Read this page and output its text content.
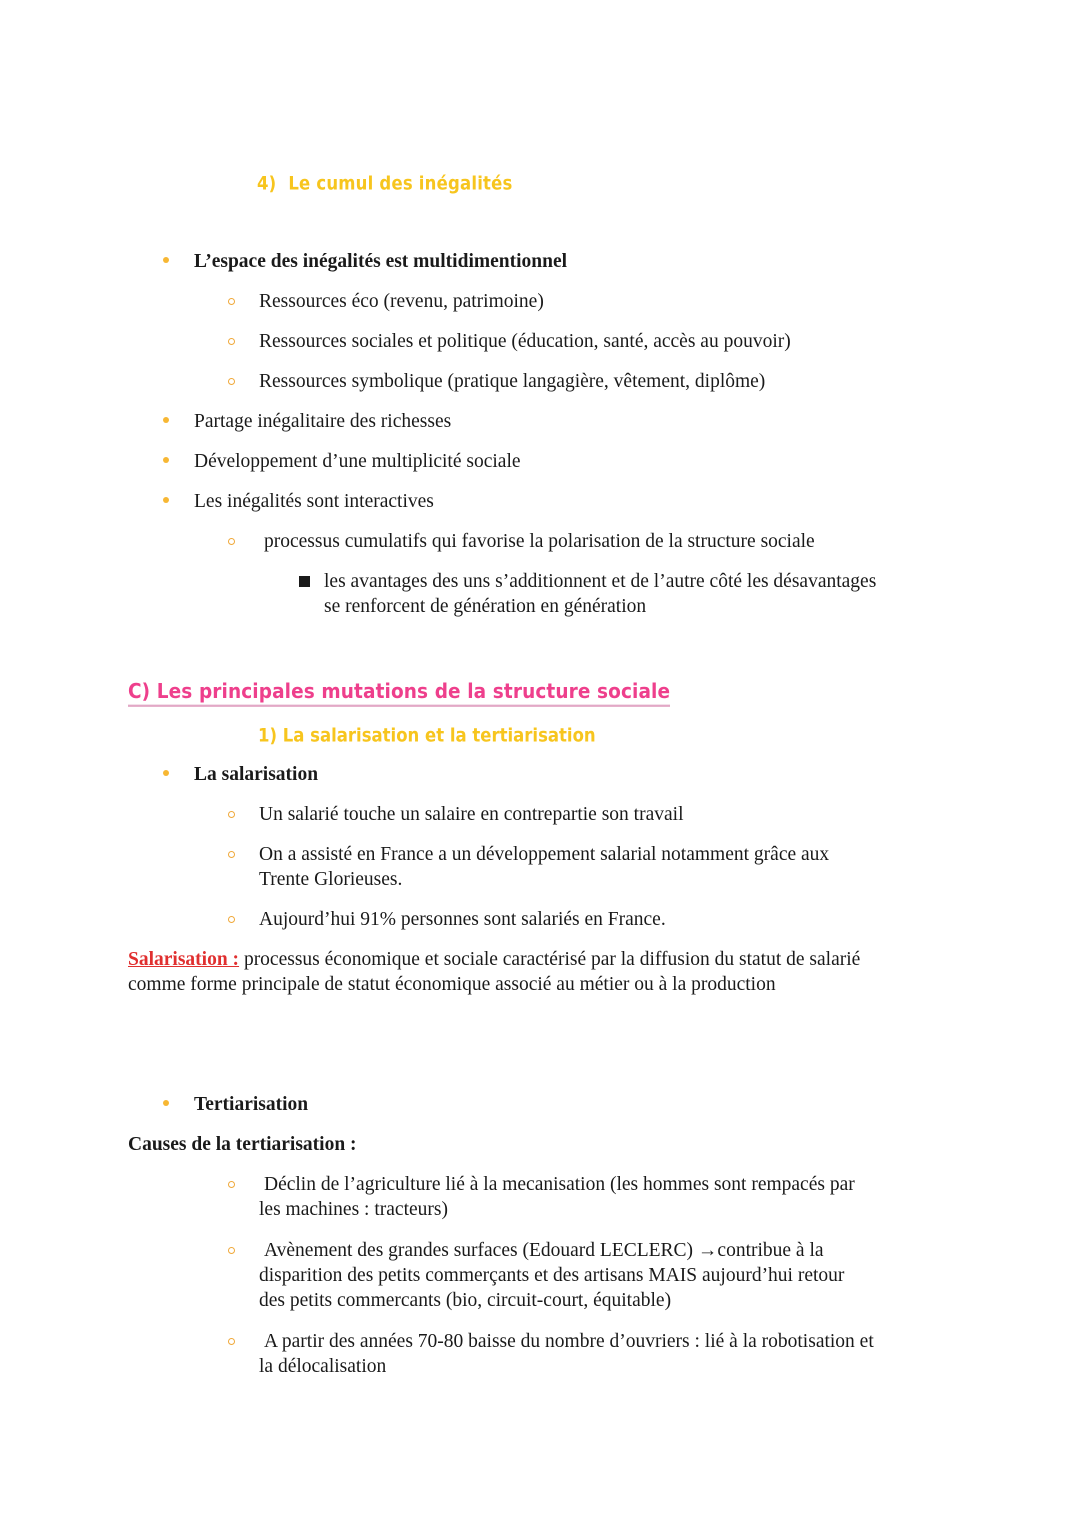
4) Le cumul des inégalités
L’espace des inégalités est multidimentionnel
Ressources éco (revenu, patrimoine)
Ressources sociales et politique (éducation, santé, accès au pouvoir)
Ressources symbolique (pratique langagière, vêtement, diplôme)
Partage inégalitaire des richesses
Développement d’une multiplicité sociale
Les inégalités sont interactives
processus cumulatifs qui favorise la polarisation de la structure sociale
les avantages des uns s’additionnent et de l’autre côté les désavantages
se renforcent de génération en génération
C) Les principales mutations de la structure sociale
1) La salarisation et la tertiarisation
La salarisation
Un salarié touche un salaire en contrepartie son travail
On a assisté en France a un développement salarial notamment grâce aux
Trente Glorieuses.
Aujourd’hui 91% personnes sont salariés en France.
Salarisation : processus économique et sociale caractérisé par la diffusion du statut de salarié
comme forme principale de statut économique associé au métier ou à la production
Tertiarisation
Causes de la tertiarisation :
Déclin de l’agriculture lié à la mecanisation (les hommes sont rempacés par
les machines : tracteurs)
Avènement des grandes surfaces (Edouard LECLERC) →contribue à la
disparition des petits commerçants et des artisans MAIS aujourd’hui retour
des petits commercants (bio, circuit-court, équitable)
A partir des années 70-80 baisse du nombre d’ouvriers : lié à la robotisation et
la délocalisation
